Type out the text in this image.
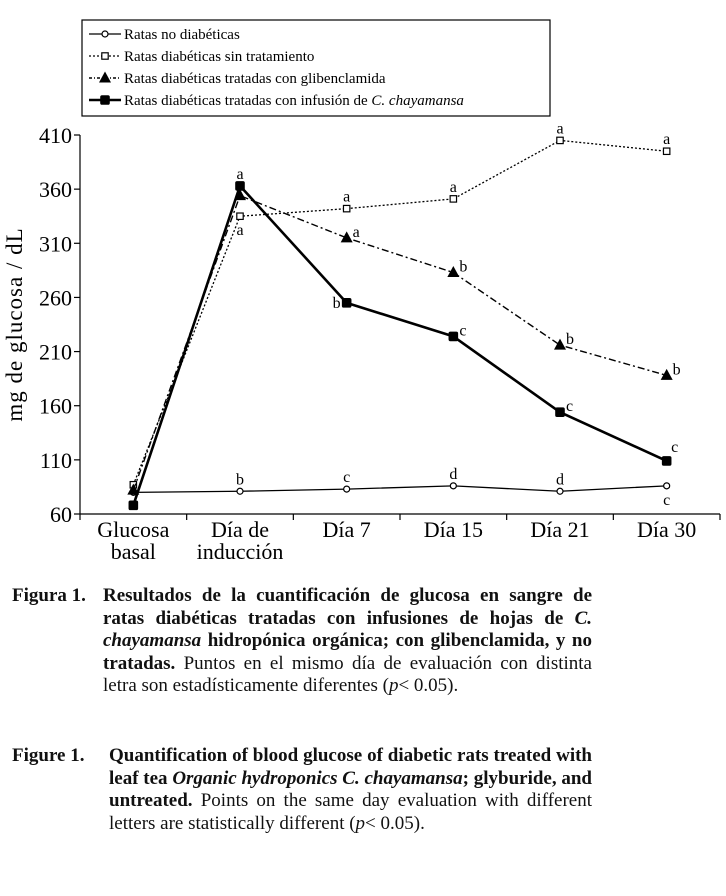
Ratas no diabéticas
Ratas diabéticas sin tratamiento
Ratas diabéticas tratadas con glibenclamida
Ratas diabéticas tratadas con infusión de C. chayamansa
60
110
160
210
260
310
360
410
Glucosa
basal
Día de
inducción
Día 7 Día 15 Día 21 Día 30
mg de glucosa / dL
b	c	d	d
c
a
a
a
a
a
a
b
b
b
a
b
c
c
c
Figura 1. Resultados de la cuantificación de glucosa en sangre de ratas diabéticas tratadas con infusiones de hojas de C. chayamansa hidropónica orgánica; con glibenclamida, y no tratadas. Puntos en el mismo día de evaluación con distinta letra son estadísticamente diferentes (p< 0.05).
Figure 1. Quantification of blood glucose of diabetic rats treated with leaf tea Organic hydroponics C. chayamansa; glyburide, and untreated. Points on the same day evaluation with different letters are statistically different (p< 0.05).
